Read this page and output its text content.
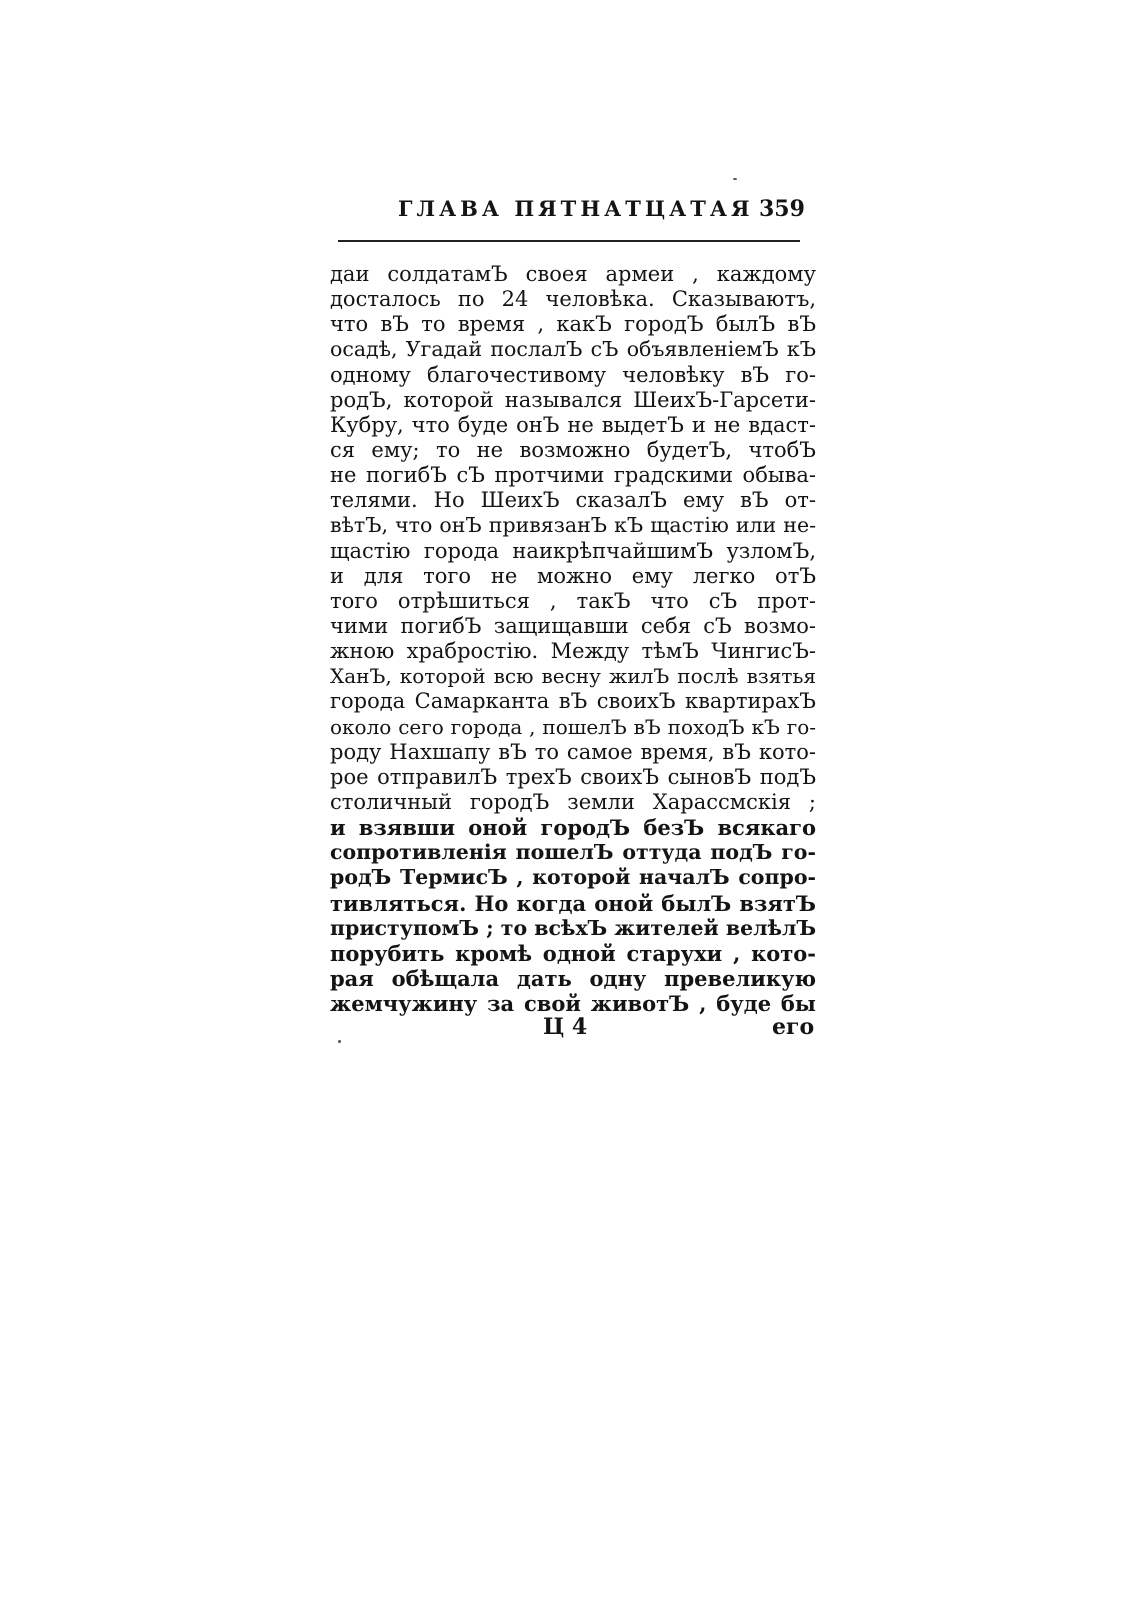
ГЛАВА ПЯТНАТЦАТАЯ 359
даи солдатамЪ своея армеи , каждому
досталось по 24 человѣка. Сказываютъ,
что вЪ то время , какЪ городЪ былЪ вЪ
осадѣ, Угадай послалЪ сЪ объявленіемЪ кЪ
одному благочестивому человѣку вЪ го-
родЪ, которой назывался ШеихЪ-Гарсети-
Кубру, что буде онЪ не выдетЪ и не вдаст-
ся ему; то не возможно будетЪ, чтобЪ
не погибЪ сЪ протчими градскими обыва-
телями. Но ШеихЪ сказалЪ ему вЪ от-
вѣтЪ, что онЪ привязанЪ кЪ щастію или не-
щастію города наикрѣпчайшимЪ узломЪ,
и для того не можно ему легко отЪ
того отрѣшиться , такЪ что сЪ прот-
чими погибЪ защищавши себя сЪ возмо-
жною храбростію. Между тѣмЪ ЧингисЪ-
ХанЪ, которой всю весну жилЪ послѣ взятья
города Самарканта вЪ своихЪ квартирахЪ
около сего города , пошелЪ вЪ походЪ кЪ го-
роду Нахшапу вЪ то самое время, вЪ кото-
рое отправилЪ трехЪ своихЪ сыновЪ подЪ
столичный городЪ земли Харассмскія ;
и взявши оной городЪ безЪ всякаго
сопротивленія пошелЪ оттуда подЪ го-
родЪ ТермисЪ , которой началЪ сопро-
тивляться. Но когда оной былЪ взятЪ
приступомЪ ; то всѣхЪ жителей велѣлЪ
порубить кромѣ одной старухи , кото-
рая обѣщала дать одну превеликую
жемчужину за свой животЪ , буде бы
Ц 4	его
